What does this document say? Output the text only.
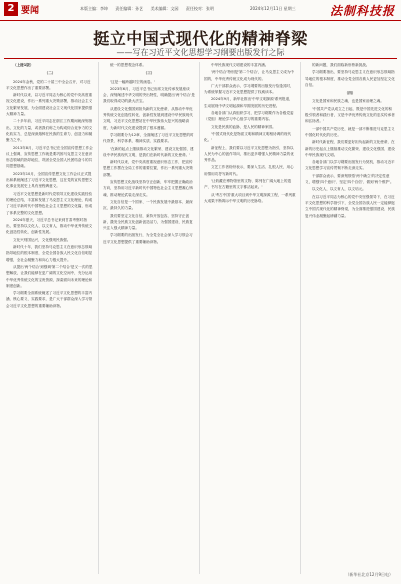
2 要闻	本版主编：李坤 责任编辑：孙艺 美术编辑：文园 责任校对：张明	2024年12月11日 星期三	法制科技报
挺立中国式现代化的精神脊梁
——写在习近平文化思想学习纲要出版发行之际

（上接1版）

（二）

2024年金秋，党的二十届三中全会召开，对习近平文化思想作出了重要部署。

新时代以来，以习近平同志为核心的党中央高度重视文化建设，作出一系列重大决策部署，推动社会主义文化繁荣发展，为全面建设社会主义现代化国家提供强大精神力量。

二十多年前，习近平同志在浙江工作期间就深刻指出，文化的力量，或者我们称之为构成综合竞争力的文化软实力，总是深深熔铸在民族的生命力、创造力和凝聚力之中。

2013年8月，习近平总书记在全国宣传思想工作会议上强调，宣传思想工作就是要巩固马克思主义在意识形态领域的指导地位，巩固全党全国人民团结奋斗的共同思想基础。

2023年10月，全国宣传思想文化工作会议正式提出和系统阐述了习近平文化思想，这在党的宣传思想文化事业发展史上具有里程碑意义。

习近平文化思想是新时代党领导文化建设实践经验的理论总结，丰富和发展了马克思主义文化理论，构成了习近平新时代中国特色社会主义思想的文化篇，形成了体系完整的文化思想。

2024年夏天，习近平总书记来到甘肃考察时指出，要坚持以文化人、以文育人，推动中华优秀传统文化创造性转化、创新性发展。

文化兴则国运兴，文化强则民族强。

新时代十年，我们坚持马克思主义在意识形态领域指导地位的根本制度，全党全国各族人民文化自信明显增强，全社会凝聚力和向心力极大提升。

从提出'两个结合'到强调'第二个结合'是又一次的思想解放，让我们能够在更广阔的文化空间中，充分运用中华优秀传统文化的宝贵资源，探索面向未来的理论和制度创新。

学习纲要全面系统阐述了习近平文化思想的丰富内涵、核心要义、实践要求，是广大干部群众深入学习领会习近平文化思想的重要辅助读物。

统一的思想观念体系。

（三）

'这是一幅跨越时空的画卷。'

2023年6月，习近平总书记出席文化传承发展座谈会，深刻阐述中华文明的突出特性，明确提出'两个结合'是我们取得成功的最大法宝。

从建设文化强国到担负新的文化使命，从推动中华优秀传统文化创造性转化、创新性发展到建设中华民族现代文明，习近平文化思想站在中华民族伟大复兴的战略高度，为新时代文化建设提供了根本遵循。

学习纲要分为12章，全面阐述了习近平文化思想的时代背景、科学体系、精神实质、实践要求。

'在新的起点上继续推动文化繁荣、建设文化强国、建设中华民族现代文明，是我们在新时代新的文化使命。'

新时代以来，党中央高度重视意识形态工作，把宣传思想工作摆在全局工作的重要位置，作出一系列重大决策部署。

宣传思想文化战线坚持守正创新，牢牢把握正确政治方向，坚持用习近平新时代中国特色社会主义思想凝心铸魂，推动理论武装走深走实。

文化自信是一个国家、一个民族发展中最基本、最深沉、最持久的力量。

我们要坚定文化自信，秉持开放包容，坚持守正创新，激发全民族文化创新创造活力，为强国建设、民族复兴注入强大精神力量。

学习纲要的出版发行，为全党全社会深入学习领会习近平文化思想提供了重要辅助读物。

中华民族现代文明建设的丰富内涵。

'两个结合'特别是'第二个结合'，让马克思主义成为中国的，中华优秀传统文化成为现代的。

广大干部群众表示，学习纲要的出版发行恰逢其时，为系统掌握习近平文化思想提供了权威读本。

2024年9月，新华社推出'中华文明探源'系列报道，生动展现中华文明起源和早期发展的历史进程。

各地各部门认真组织学习，把学习纲要作为各级党委（党组）理论学习中心组学习的重要内容。

文化是民族的血脉，是人民的精神家园。

'中国式现代化是物质文明和精神文明相协调的现代化。'

新征程上，我们要以习近平文化思想为指引，坚持以人民为中心的创作导向，推出更多增强人民精神力量的优秀作品。

文艺工作者纷纷表示，要深入生活、扎根人民，用心用情用功抒写新时代。

'让收藏在博物馆里的文物、陈列在广阔大地上的遗产、书写在古籍里的文字都活起来。'

从'考古中国'重大项目到中华文明探源工程，一系列重大成果不断揭示中华文明的历史脉络。

的新问题，我们面临新形势新挑战。

学习纲要指出，要坚持马克思主义在意识形态领域指导地位的根本制度，推动全党全国各族人民更加坚定文化自信。

（四）

文化是国家和民族之魂，也是国家治理之魂。

'中国共产党从成立之日起，既是中国先进文化的积极引领者和践行者，又是中华优秀传统文化的忠实传承者和弘扬者。'

一部中国共产党历史，就是一部不断推进马克思主义中国化时代化的历史。

新时代新征程，我们要更好担负起新的文化使命，在新的历史起点上继续推动文化繁荣、建设文化强国、建设中华民族现代文明。

各地各部门以学习纲要出版发行为契机，推动习近平文化思想学习宣传贯彻不断走深走实。

干部群众表示，要深刻领悟'两个确立'的决定性意义，增强'四个意识'、坚定'四个自信'、做到'两个维护'。

以文化人，以文育人，以文培元。

在以习近平同志为核心的党中央坚强领导下，在习近平文化思想的科学指引下，全党全国各族人民一定能够挺立中国式现代化的精神脊梁，为全面推进强国建设、民族复兴伟业凝聚起磅礴力量。

（新华社北京12月9日电）
